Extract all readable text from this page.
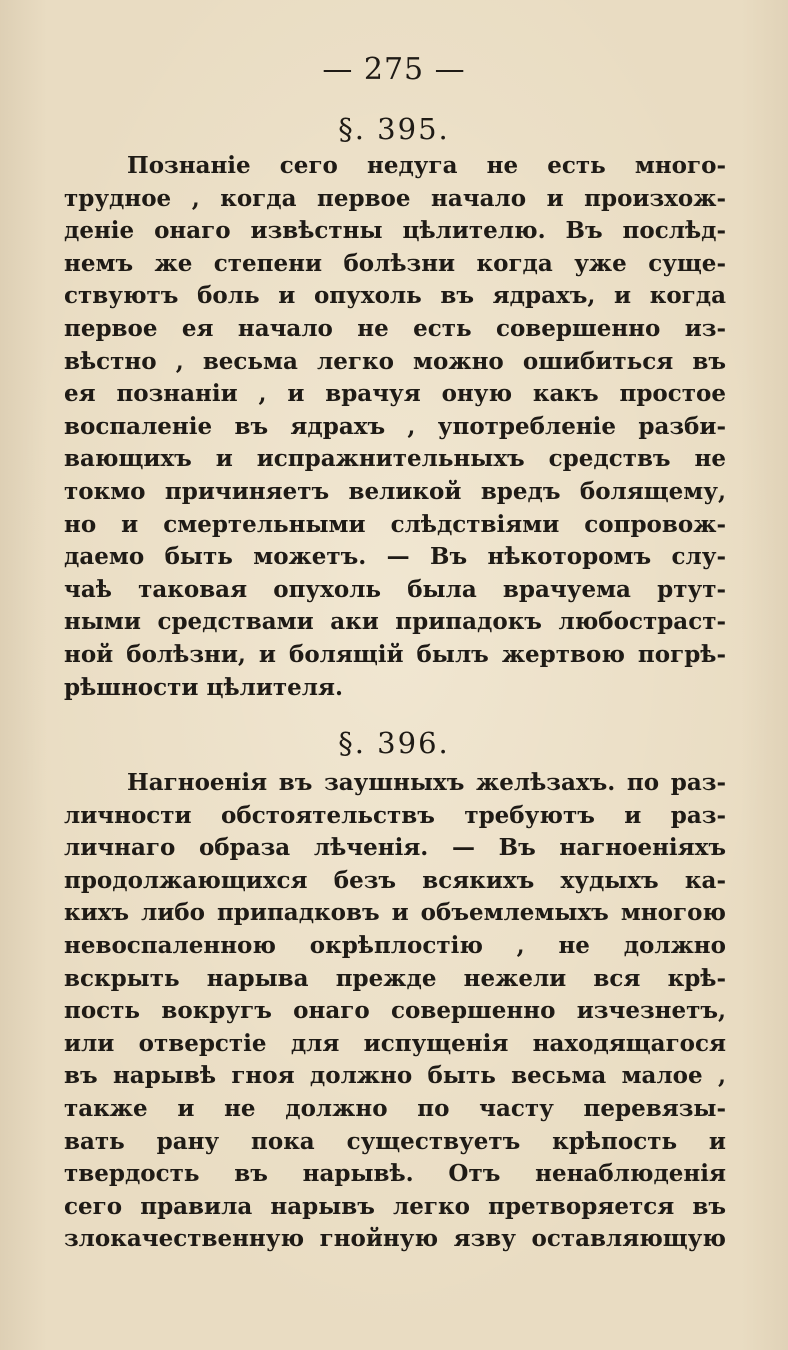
— 275 —
§. 395.
Познаніе сего недуга не есть много-
трудное , когда первое начало и произхож-
деніе онаго извѣстны цѣлителю. Въ послѣд-
немъ же степени болѣзни когда уже суще-
ствуютъ боль и опухоль въ ядрахъ, и когда
первое ея начало не есть совершенно из-
вѣстно , весьма легко можно ошибиться въ
ея познаніи , и врачуя оную какъ простое
воспаленіе въ ядрахъ , употребленіе разби-
вающихъ и испражнительныхъ средствъ не
токмо причиняетъ великой вредъ болящему,
но и смертельными слѣдствіями сопровож-
даемо быть можетъ. — Въ нѣкоторомъ слу-
чаѣ таковая опухоль была врачуема ртут-
ными средствами аки припадокъ любостраст-
ной болѣзни, и болящій былъ жертвою погрѣ-
рѣшности цѣлителя.
§. 396.
Нагноенія въ заушныхъ желѣзахъ. по раз-
личности обстоятельствъ требуютъ и раз-
личнаго образа лѣченія. — Въ нагноеніяхъ
продолжающихся безъ всякихъ худыхъ ка-
кихъ либо припадковъ и объемлемыхъ многою
невоспаленною окрѣплостію , не должно
вскрыть нарыва прежде нежели вся крѣ-
пость вокругъ онаго совершенно изчезнетъ,
или отверстіе для испущенія находящагося
въ нарывѣ гноя должно быть весьма малое ,
также и не должно по часту перевязы-
вать рану пока существуетъ крѣпость и
твердость въ нарывѣ. Отъ ненаблюденія
сего правила нарывъ легко претворяется въ
злокачественную гнойную язву оставляющую
